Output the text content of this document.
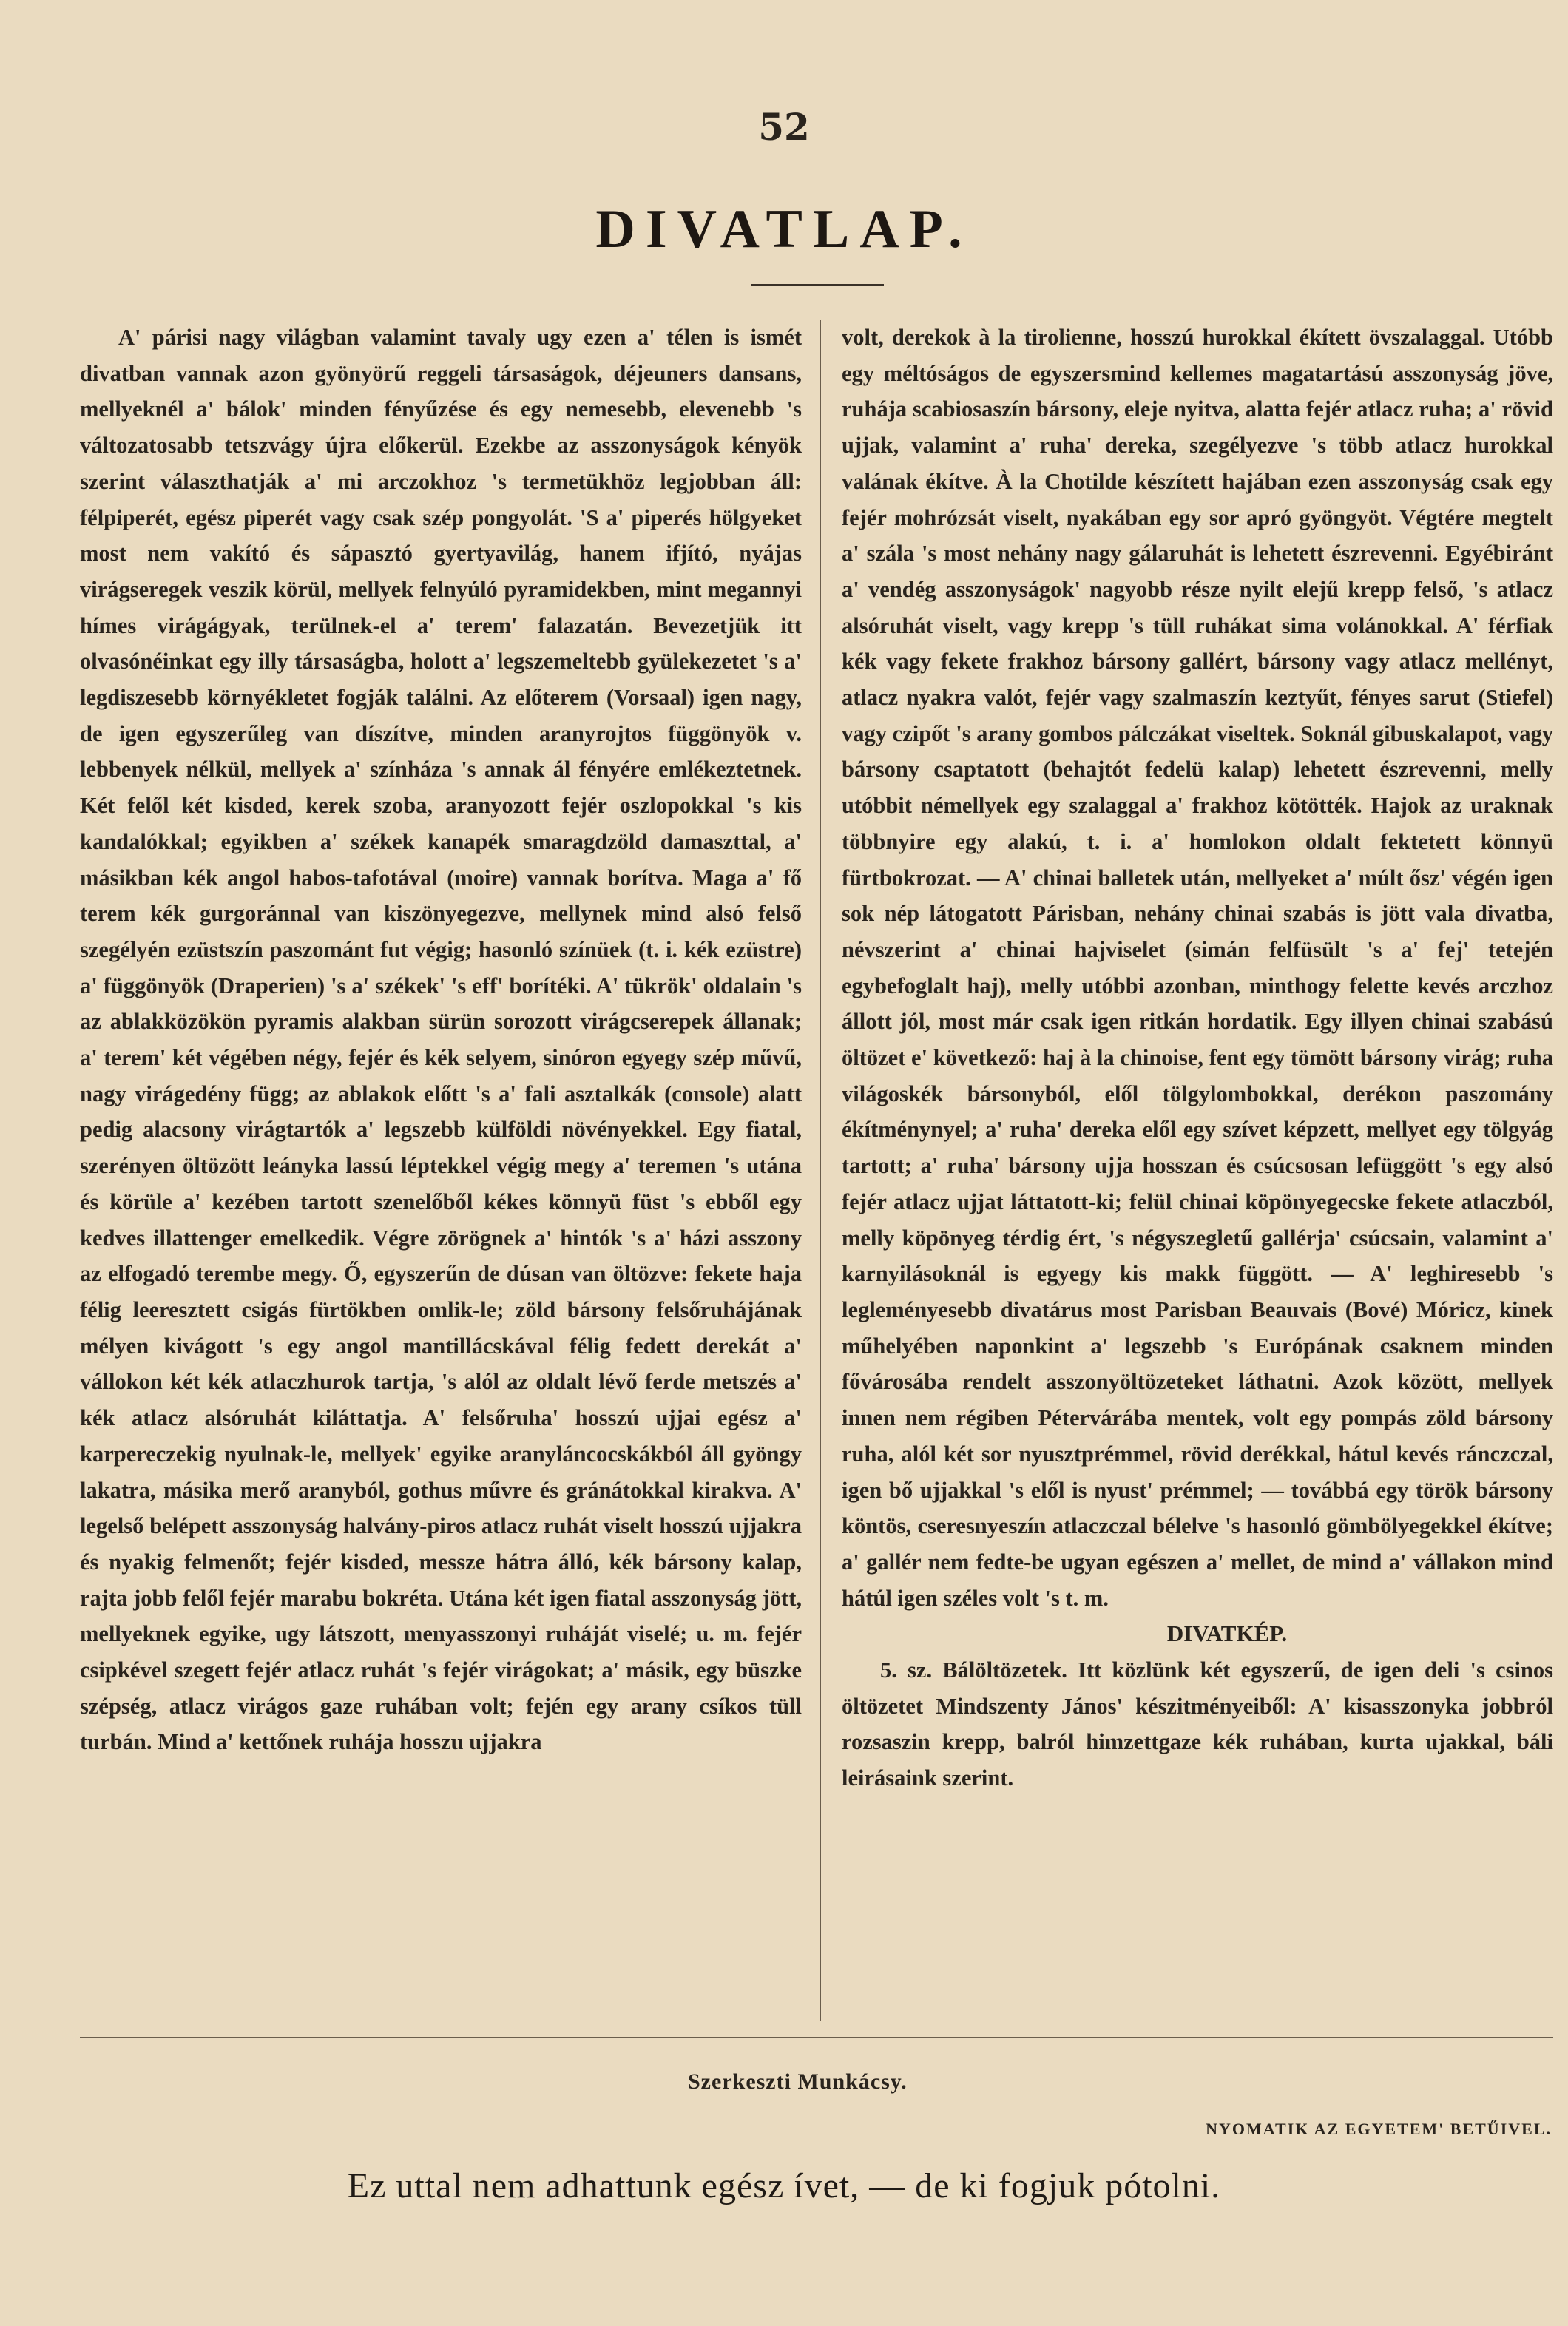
52
DIVATLAP.

A' párisi nagy világban valamint tavaly ugy ezen a' télen is ismét divatban vannak azon gyönyörű reggeli társaságok, déjeuners dansans, mellyeknél a' bálok' minden fényűzése és egy nemesebb, elevenebb 's változatosabb tetszvágy újra előkerül. Ezekbe az asszonyságok kényök szerint választhatják a' mi arczokhoz 's termetükhöz legjobban áll: félpiperét, egész piperét vagy csak szép pongyolát. 'S a' piperés hölgyeket most nem vakító és sápasztó gyertyavilág, hanem ifjító, nyájas virágseregek veszik körül, mellyek felnyúló pyramidekben, mint megannyi hímes virágágyak, terülnek-el a' terem' falazatán. Bevezetjük itt olvasónéinkat egy illy társaságba, holott a' legszemeltebb gyülekezetet 's a' legdiszesebb környékletet fogják találni. Az előterem (Vorsaal) igen nagy, de igen egyszerűleg van díszítve, minden aranyrojtos függönyök v. lebbenyek nélkül, mellyek a' színháza 's annak ál fényére emlékeztetnek. Két felől két kisded, kerek szoba, aranyozott fejér oszlopokkal 's kis kandalókkal; egyikben a' székek kanapék smaragdzöld damaszttal, a' másikban kék angol habos-tafotával (moire) vannak borítva. Maga a' fő terem kék gurgoránnal van kiszönyegezve, mellynek mind alsó felső szegélyén ezüstszín paszománt fut végig; hasonló színüek (t. i. kék ezüstre) a' függönyök (Draperien) 's a' székek' 's eff' borítéki. A' tükrök' oldalain 's az ablakközökön pyramis alakban sürün sorozott virágcserepek állanak; a' terem' két végében négy, fejér és kék selyem, sinóron egyegy szép művű, nagy virágedény függ; az ablakok előtt 's a' fali asztalkák (console) alatt pedig alacsony virágtartók a' legszebb külföldi növényekkel. Egy fiatal, szerényen öltözött leányka lassú léptekkel végig megy a' teremen 's utána és körüle a' kezében tartott szenelőből kékes könnyü füst 's ebből egy kedves illattenger emelkedik. Végre zörögnek a' hintók 's a' házi asszony az elfogadó terembe megy. Ő, egyszerűn de dúsan van öltözve: fekete haja félig leeresztett csigás fürtökben omlik-le; zöld bársony felsőruhájának mélyen kivágott 's egy angol mantillácskával félig fedett derekát a' vállokon két kék atlaczhurok tartja, 's alól az oldalt lévő ferde metszés a' kék atlacz alsóruhát kiláttatja. A' felsőruha' hosszú ujjai egész a' karpereczekig nyulnak-le, mellyek' egyike aranyláncocskákból áll gyöngy lakatra, másika merő aranyból, gothus művre és gránátokkal kirakva. A' legelső belépett asszonyság halvány-piros atlacz ruhát viselt hosszú ujjakra és nyakig felmenőt; fejér kisded, messze hátra álló, kék bársony kalap, rajta jobb felől fejér marabu bokréta. Utána két igen fiatal asszonyság jött, mellyeknek egyike, ugy látszott, menyasszonyi ruháját viselé; u. m. fejér csipkével szegett fejér atlacz ruhát 's fejér virágokat; a' másik, egy büszke szépség, atlacz virágos gaze ruhában volt; fején egy arany csíkos tüll turbán. Mind a' kettőnek ruhája hosszu ujjakra

volt, derekok à la tirolienne, hosszú hurokkal ékített övszalaggal. Utóbb egy méltóságos de egyszersmind kellemes magatartású asszonyság jöve, ruhája scabiosaszín bársony, eleje nyitva, alatta fejér atlacz ruha; a' rövid ujjak, valamint a' ruha' dereka, szegélyezve 's több atlacz hurokkal valának ékítve. À la Chotilde készített hajában ezen asszonyság csak egy fejér mohrózsát viselt, nyakában egy sor apró gyöngyöt. Végtére megtelt a' szála 's most nehány nagy gálaruhát is lehetett észrevenni. Egyébiránt a' vendég asszonyságok' nagyobb része nyilt elejű krepp felső, 's atlacz alsóruhát viselt, vagy krepp 's tüll ruhákat sima volánokkal. A' férfiak kék vagy fekete frakhoz bársony gallért, bársony vagy atlacz mellényt, atlacz nyakra valót, fejér vagy szalmaszín keztyűt, fényes sarut (Stiefel) vagy czipőt 's arany gombos pálczákat viseltek. Soknál gibuskalapot, vagy bársony csaptatott (behajtót fedelü kalap) lehetett észrevenni, melly utóbbit némellyek egy szalaggal a' frakhoz kötötték. Hajok az uraknak többnyire egy alakú, t. i. a' homlokon oldalt fektetett könnyü fürtbokrozat. — A' chinai balletek után, mellyeket a' múlt ősz' végén igen sok nép látogatott Párisban, nehány chinai szabás is jött vala divatba, névszerint a' chinai hajviselet (simán felfüsült 's a' fej' tetején egybefoglalt haj), melly utóbbi azonban, minthogy felette kevés arczhoz állott jól, most már csak igen ritkán hordatik. Egy illyen chinai szabású öltözet e' következő: haj à la chinoise, fent egy tömött bársony virág; ruha világoskék bársonyból, elől tölgylombokkal, derékon paszomány ékítménynyel; a' ruha' dereka elől egy szívet képzett, mellyet egy tölgyág tartott; a' ruha' bársony ujja hosszan és csúcsosan lefüggött 's egy alsó fejér atlacz ujjat láttatott-ki; felül chinai köpönyegecske fekete atlaczból, melly köpönyeg térdig ért, 's négyszegletű gallérja' csúcsain, valamint a' karnyilásoknál is egyegy kis makk függött. — A' leghiresebb 's legleményesebb divatárus most Parisban Beauvais (Bové) Móricz, kinek műhelyében naponkint a' legszebb 's Európának csaknem minden fővárosába rendelt asszonyöltözeteket láthatni. Azok között, mellyek innen nem régiben Pétervárába mentek, volt egy pompás zöld bársony ruha, alól két sor nyusztprémmel, rövid derékkal, hátul kevés ránczczal, igen bő ujjakkal 's elől is nyust' prémmel; — továbbá egy török bársony köntös, cseresnyeszín atlaczczal bélelve 's hasonló gömbölyegekkel ékítve; a' gallér nem fedte-be ugyan egészen a' mellet, de mind a' vállakon mind hátúl igen széles volt 's t. m.

DIVATKÉP.

5. sz. Bálöltözetek. Itt közlünk két egyszerű, de igen deli 's csinos öltözetet Mindszenty János' készitményeiből: A' kisasszonyka jobbról rozsaszin krepp, balról himzettgaze kék ruhában, kurta ujakkal, báli leirásaink szerint.

Szerkeszti Munkácsy.
NYOMATIK AZ EGYETEM' BETŰIVEL.
Ez uttal nem adhattunk egész ívet, — de ki fogjuk pótolni.
